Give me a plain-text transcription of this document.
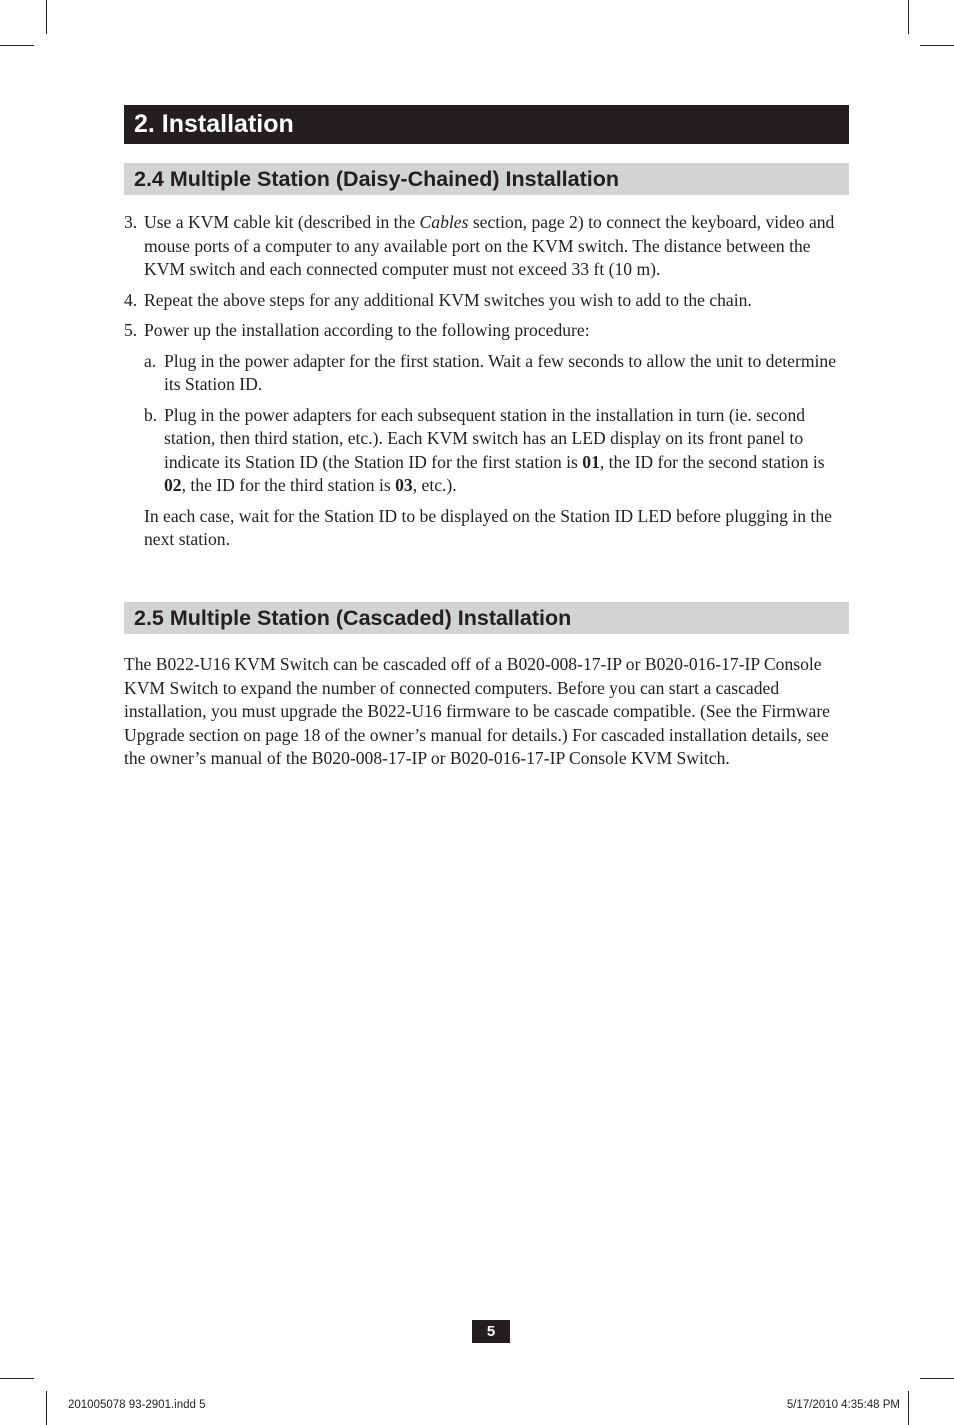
2. Installation
2.4 Multiple Station (Daisy-Chained) Installation
3. Use a KVM cable kit (described in the Cables section, page 2) to connect the keyboard, video and mouse ports of a computer to any available port on the KVM switch. The distance between the KVM switch and each connected computer must not exceed 33 ft (10 m).
4. Repeat the above steps for any additional KVM switches you wish to add to the chain.
5. Power up the installation according to the following procedure:
a. Plug in the power adapter for the first station. Wait a few seconds to allow the unit to determine its Station ID.
b. Plug in the power adapters for each subsequent station in the installation in turn (ie. second station, then third station, etc.). Each KVM switch has an LED display on its front panel to indicate its Station ID (the Station ID for the first station is 01, the ID for the second station is 02, the ID for the third station is 03, etc.).
In each case, wait for the Station ID to be displayed on the Station ID LED before plugging in the next station.
2.5 Multiple Station (Cascaded) Installation
The B022-U16 KVM Switch can be cascaded off of a B020-008-17-IP or B020-016-17-IP Console KVM Switch to expand the number of connected computers. Before you can start a cascaded installation, you must upgrade the B022-U16 firmware to be cascade compatible. (See the Firmware Upgrade section on page 18 of the owner’s manual for details.) For cascaded installation details, see the owner’s manual of the B020-008-17-IP or B020-016-17-IP Console KVM Switch.
5
201005078 93-2901.indd 5	5/17/2010 4:35:48 PM
